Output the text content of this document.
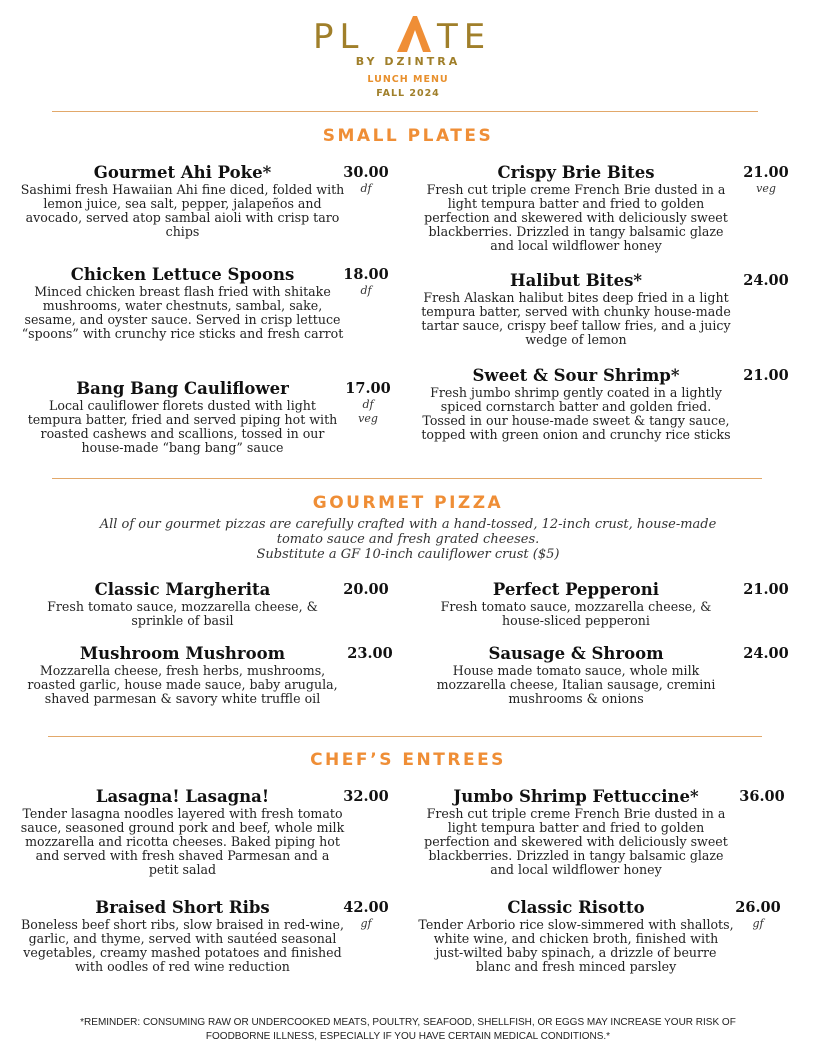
PL TE
BY DZINTRA
LUNCH MENU
FALL 2024
SMALL PLATES
Gourmet Ahi Poke*
Sashimi fresh Hawaiian Ahi fine diced, folded with lemon juice, sea salt, pepper, jalapeños and avocado, served atop sambal aioli with crisp taro chips
30.00
df
Chicken Lettuce Spoons
Minced chicken breast flash fried with shitake mushrooms, water chestnuts, sambal, sake, sesame, and oyster sauce. Served in crisp lettuce “spoons” with crunchy rice sticks and fresh carrot
18.00
df
Bang Bang Cauliflower
Local cauliflower florets dusted with light tempura batter, fried and served piping hot with roasted cashews and scallions, tossed in our house-made “bang bang” sauce
17.00
df
veg
Crispy Brie Bites
Fresh cut triple creme French Brie dusted in a light tempura batter and fried to golden perfection and skewered with deliciously sweet blackberries. Drizzled in tangy balsamic glaze and local wildflower honey
21.00
veg
Halibut Bites*
Fresh Alaskan halibut bites deep fried in a light tempura batter, served with chunky house-made tartar sauce, crispy beef tallow fries, and a juicy wedge of lemon
24.00
Sweet & Sour Shrimp*
Fresh jumbo shrimp gently coated in a lightly spiced cornstarch batter and golden fried. Tossed in our house-made sweet & tangy sauce, topped with green onion and crunchy rice sticks
21.00
GOURMET PIZZA
All of our gourmet pizzas are carefully crafted with a hand-tossed, 12-inch crust, house-made tomato sauce and fresh grated cheeses.
Substitute a GF 10-inch cauliflower crust ($5)
Classic Margherita
Fresh tomato sauce, mozzarella cheese, & sprinkle of basil
20.00	Perfect Pepperoni
Fresh tomato sauce, mozzarella cheese, & house-sliced pepperoni
21.00
Mushroom Mushroom
Mozzarella cheese, fresh herbs, mushrooms, roasted garlic, house made sauce, baby arugula, shaved parmesan & savory white truffle oil
23.00	Sausage & Shroom
House made tomato sauce, whole milk mozzarella cheese, Italian sausage, cremini mushrooms & onions
24.00
CHEF’S ENTREES
Lasagna! Lasagna!
Tender lasagna noodles layered with fresh tomato sauce, seasoned ground pork and beef, whole milk mozzarella and ricotta cheeses. Baked piping hot and served with fresh shaved Parmesan and a petit salad
32.00	Jumbo Shrimp Fettuccine*
Fresh cut triple creme French Brie dusted in a light tempura batter and fried to golden perfection and skewered with deliciously sweet blackberries. Drizzled in tangy balsamic glaze and local wildflower honey
36.00
Braised Short Ribs
Boneless beef short ribs, slow braised in red-wine, garlic, and thyme, served with sautéed seasonal vegetables, creamy mashed potatoes and finished with oodles of red wine reduction
42.00
gf
Classic Risotto
Tender Arborio rice slow-simmered with shallots, white wine, and chicken broth, finished with just-wilted baby spinach, a drizzle of beurre blanc and fresh minced parsley
26.00
gf
*REMINDER: CONSUMING RAW OR UNDERCOOKED MEATS, POULTRY, SEAFOOD, SHELLFISH, OR EGGS MAY INCREASE YOUR RISK OF FOODBORNE ILLNESS, ESPECIALLY IF YOU HAVE CERTAIN MEDICAL CONDITIONS.*
